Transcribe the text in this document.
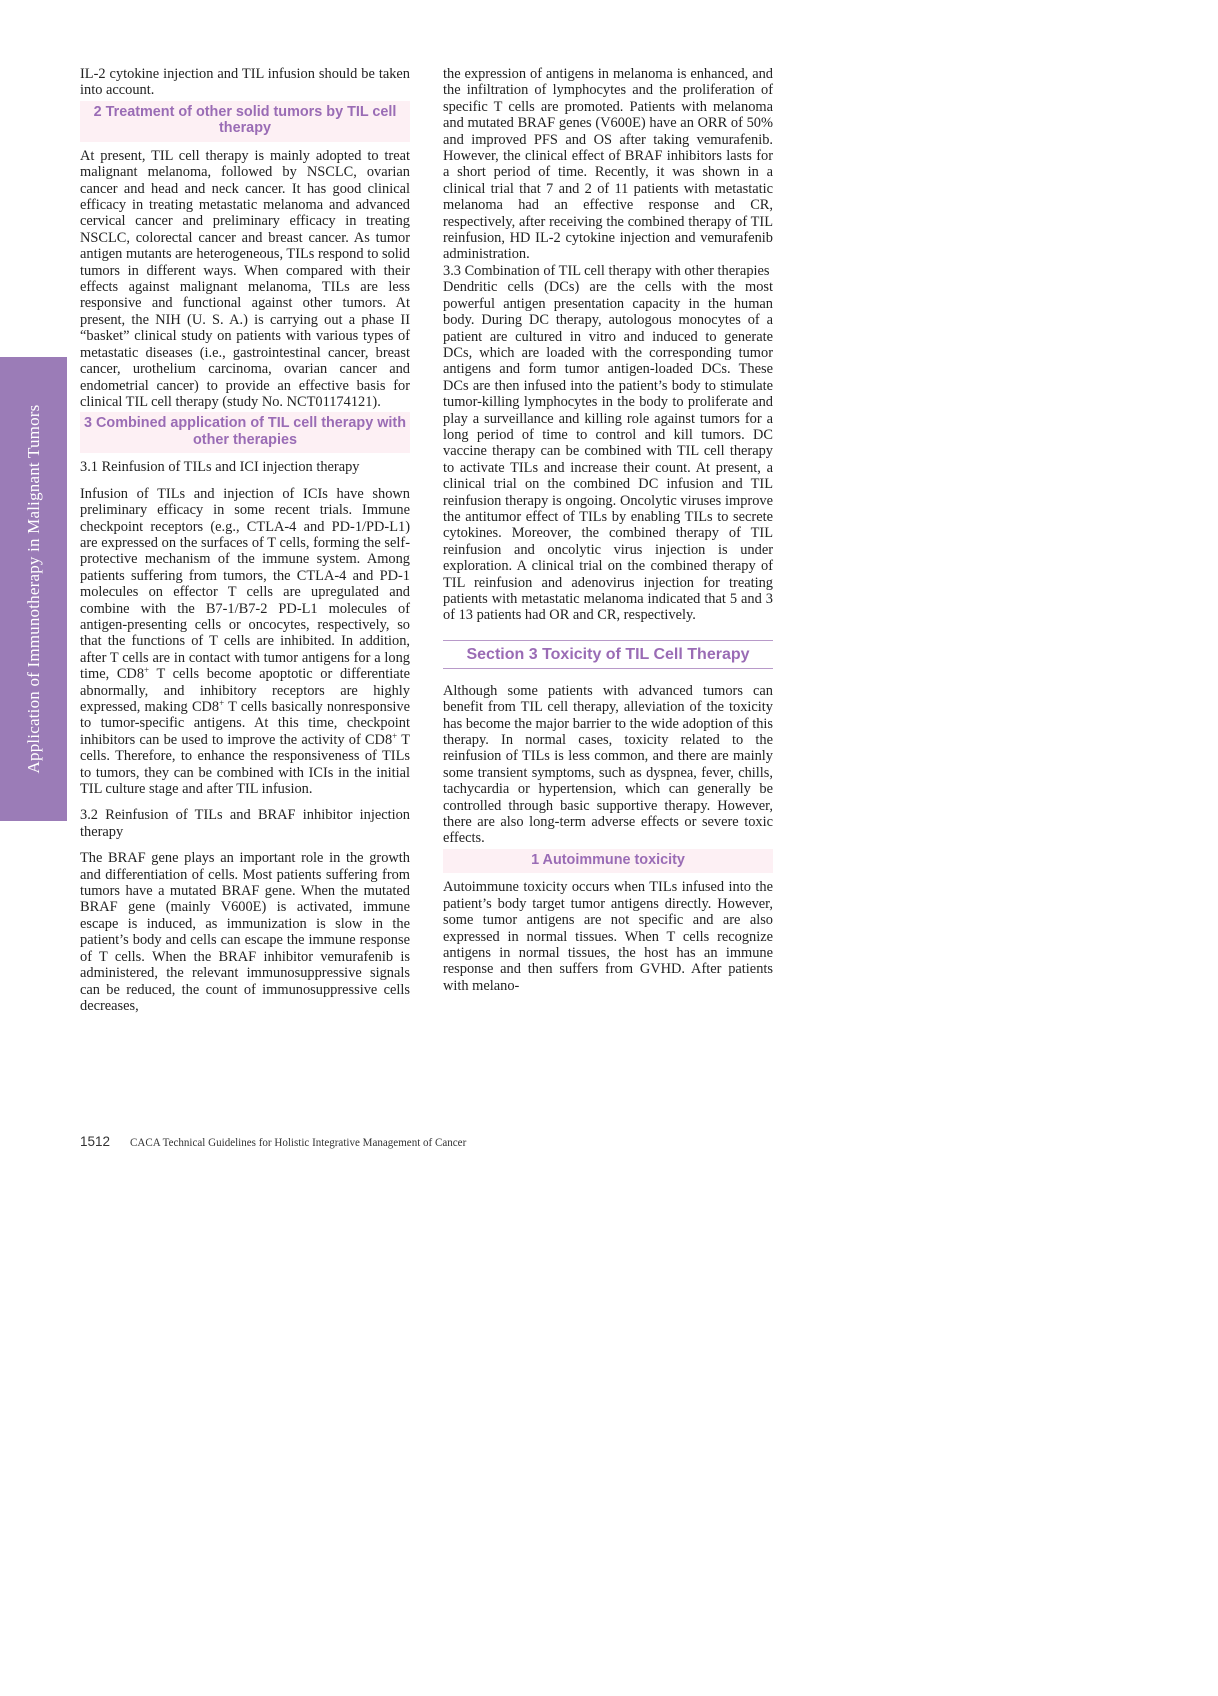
Application of Immunotherapy in Malignant Tumors

IL-2 cytokine injection and TIL infusion should be taken into account.

2 Treatment of other solid tumors by TIL cell therapy

At present, TIL cell therapy is mainly adopted to treat malignant melanoma, followed by NSCLC, ovarian cancer and head and neck cancer. It has good clinical efficacy in treating metastatic melanoma and advanced cervical cancer and preliminary efficacy in treating NSCLC, colorectal cancer and breast cancer. As tumor antigen mutants are heterogeneous, TILs respond to solid tumors in different ways. When compared with their effects against malignant melanoma, TILs are less responsive and functional against other tumors. At present, the NIH (U. S. A.) is carrying out a phase II “basket” clinical study on patients with various types of metastatic diseases (i.e., gastrointestinal cancer, breast cancer, urothelium carcinoma, ovarian cancer and endometrial cancer) to provide an effective basis for clinical TIL cell therapy (study No. NCT01174121).

3 Combined application of TIL cell therapy with other therapies

3.1 Reinfusion of TILs and ICI injection therapy

Infusion of TILs and injection of ICIs have shown preliminary efficacy in some recent trials. Immune checkpoint receptors (e.g., CTLA-4 and PD-1/PD-L1) are expressed on the surfaces of T cells, forming the self-protective mechanism of the immune system. Among patients suffering from tumors, the CTLA-4 and PD-1 molecules on effector T cells are upregulated and combine with the B7-1/B7-2 PD-L1 molecules of antigen-presenting cells or oncocytes, respectively, so that the functions of T cells are inhibited. In addition, after T cells are in contact with tumor antigens for a long time, CD8+ T cells become apoptotic or differentiate abnormally, and inhibitory receptors are highly expressed, making CD8+ T cells basically nonresponsive to tumor-specific antigens. At this time, checkpoint inhibitors can be used to improve the activity of CD8+ T cells. Therefore, to enhance the responsiveness of TILs to tumors, they can be combined with ICIs in the initial TIL culture stage and after TIL infusion.

3.2 Reinfusion of TILs and BRAF inhibitor injection therapy

The BRAF gene plays an important role in the growth and differentiation of cells. Most patients suffering from tumors have a mutated BRAF gene. When the mutated BRAF gene (mainly V600E) is activated, immune escape is induced, as immunization is slow in the patient’s body and cells can escape the immune response of T cells. When the BRAF inhibitor vemurafenib is administered, the relevant immunosuppressive signals can be reduced, the count of immunosuppressive cells decreases,

the expression of antigens in melanoma is enhanced, and the infiltration of lymphocytes and the proliferation of specific T cells are promoted. Patients with melanoma and mutated BRAF genes (V600E) have an ORR of 50% and improved PFS and OS after taking vemurafenib. However, the clinical effect of BRAF inhibitors lasts for a short period of time. Recently, it was shown in a clinical trial that 7 and 2 of 11 patients with metastatic melanoma had an effective response and CR, respectively, after receiving the combined therapy of TIL reinfusion, HD IL-2 cytokine injection and vemurafenib administration.

3.3 Combination of TIL cell therapy with other therapies

Dendritic cells (DCs) are the cells with the most powerful antigen presentation capacity in the human body. During DC therapy, autologous monocytes of a patient are cultured in vitro and induced to generate DCs, which are loaded with the corresponding tumor antigens and form tumor antigen-loaded DCs. These DCs are then infused into the patient’s body to stimulate tumor-killing lymphocytes in the body to proliferate and play a surveillance and killing role against tumors for a long period of time to control and kill tumors. DC vaccine therapy can be combined with TIL cell therapy to activate TILs and increase their count. At present, a clinical trial on the combined DC infusion and TIL reinfusion therapy is ongoing. Oncolytic viruses improve the antitumor effect of TILs by enabling TILs to secrete cytokines. Moreover, the combined therapy of TIL reinfusion and oncolytic virus injection is under exploration. A clinical trial on the combined therapy of TIL reinfusion and adenovirus injection for treating patients with metastatic melanoma indicated that 5 and 3 of 13 patients had OR and CR, respectively.

Section 3 Toxicity of TIL Cell Therapy

Although some patients with advanced tumors can benefit from TIL cell therapy, alleviation of the toxicity has become the major barrier to the wide adoption of this therapy. In normal cases, toxicity related to the reinfusion of TILs is less common, and there are mainly some transient symptoms, such as dyspnea, fever, chills, tachycardia or hypertension, which can generally be controlled through basic supportive therapy. However, there are also long-term adverse effects or severe toxic effects.

1 Autoimmune toxicity

Autoimmune toxicity occurs when TILs infused into the patient’s body target tumor antigens directly. However, some tumor antigens are not specific and are also expressed in normal tissues. When T cells recognize antigens in normal tissues, the host has an immune response and then suffers from GVHD. After patients with melano-

1512 CACA Technical Guidelines for Holistic Integrative Management of Cancer
